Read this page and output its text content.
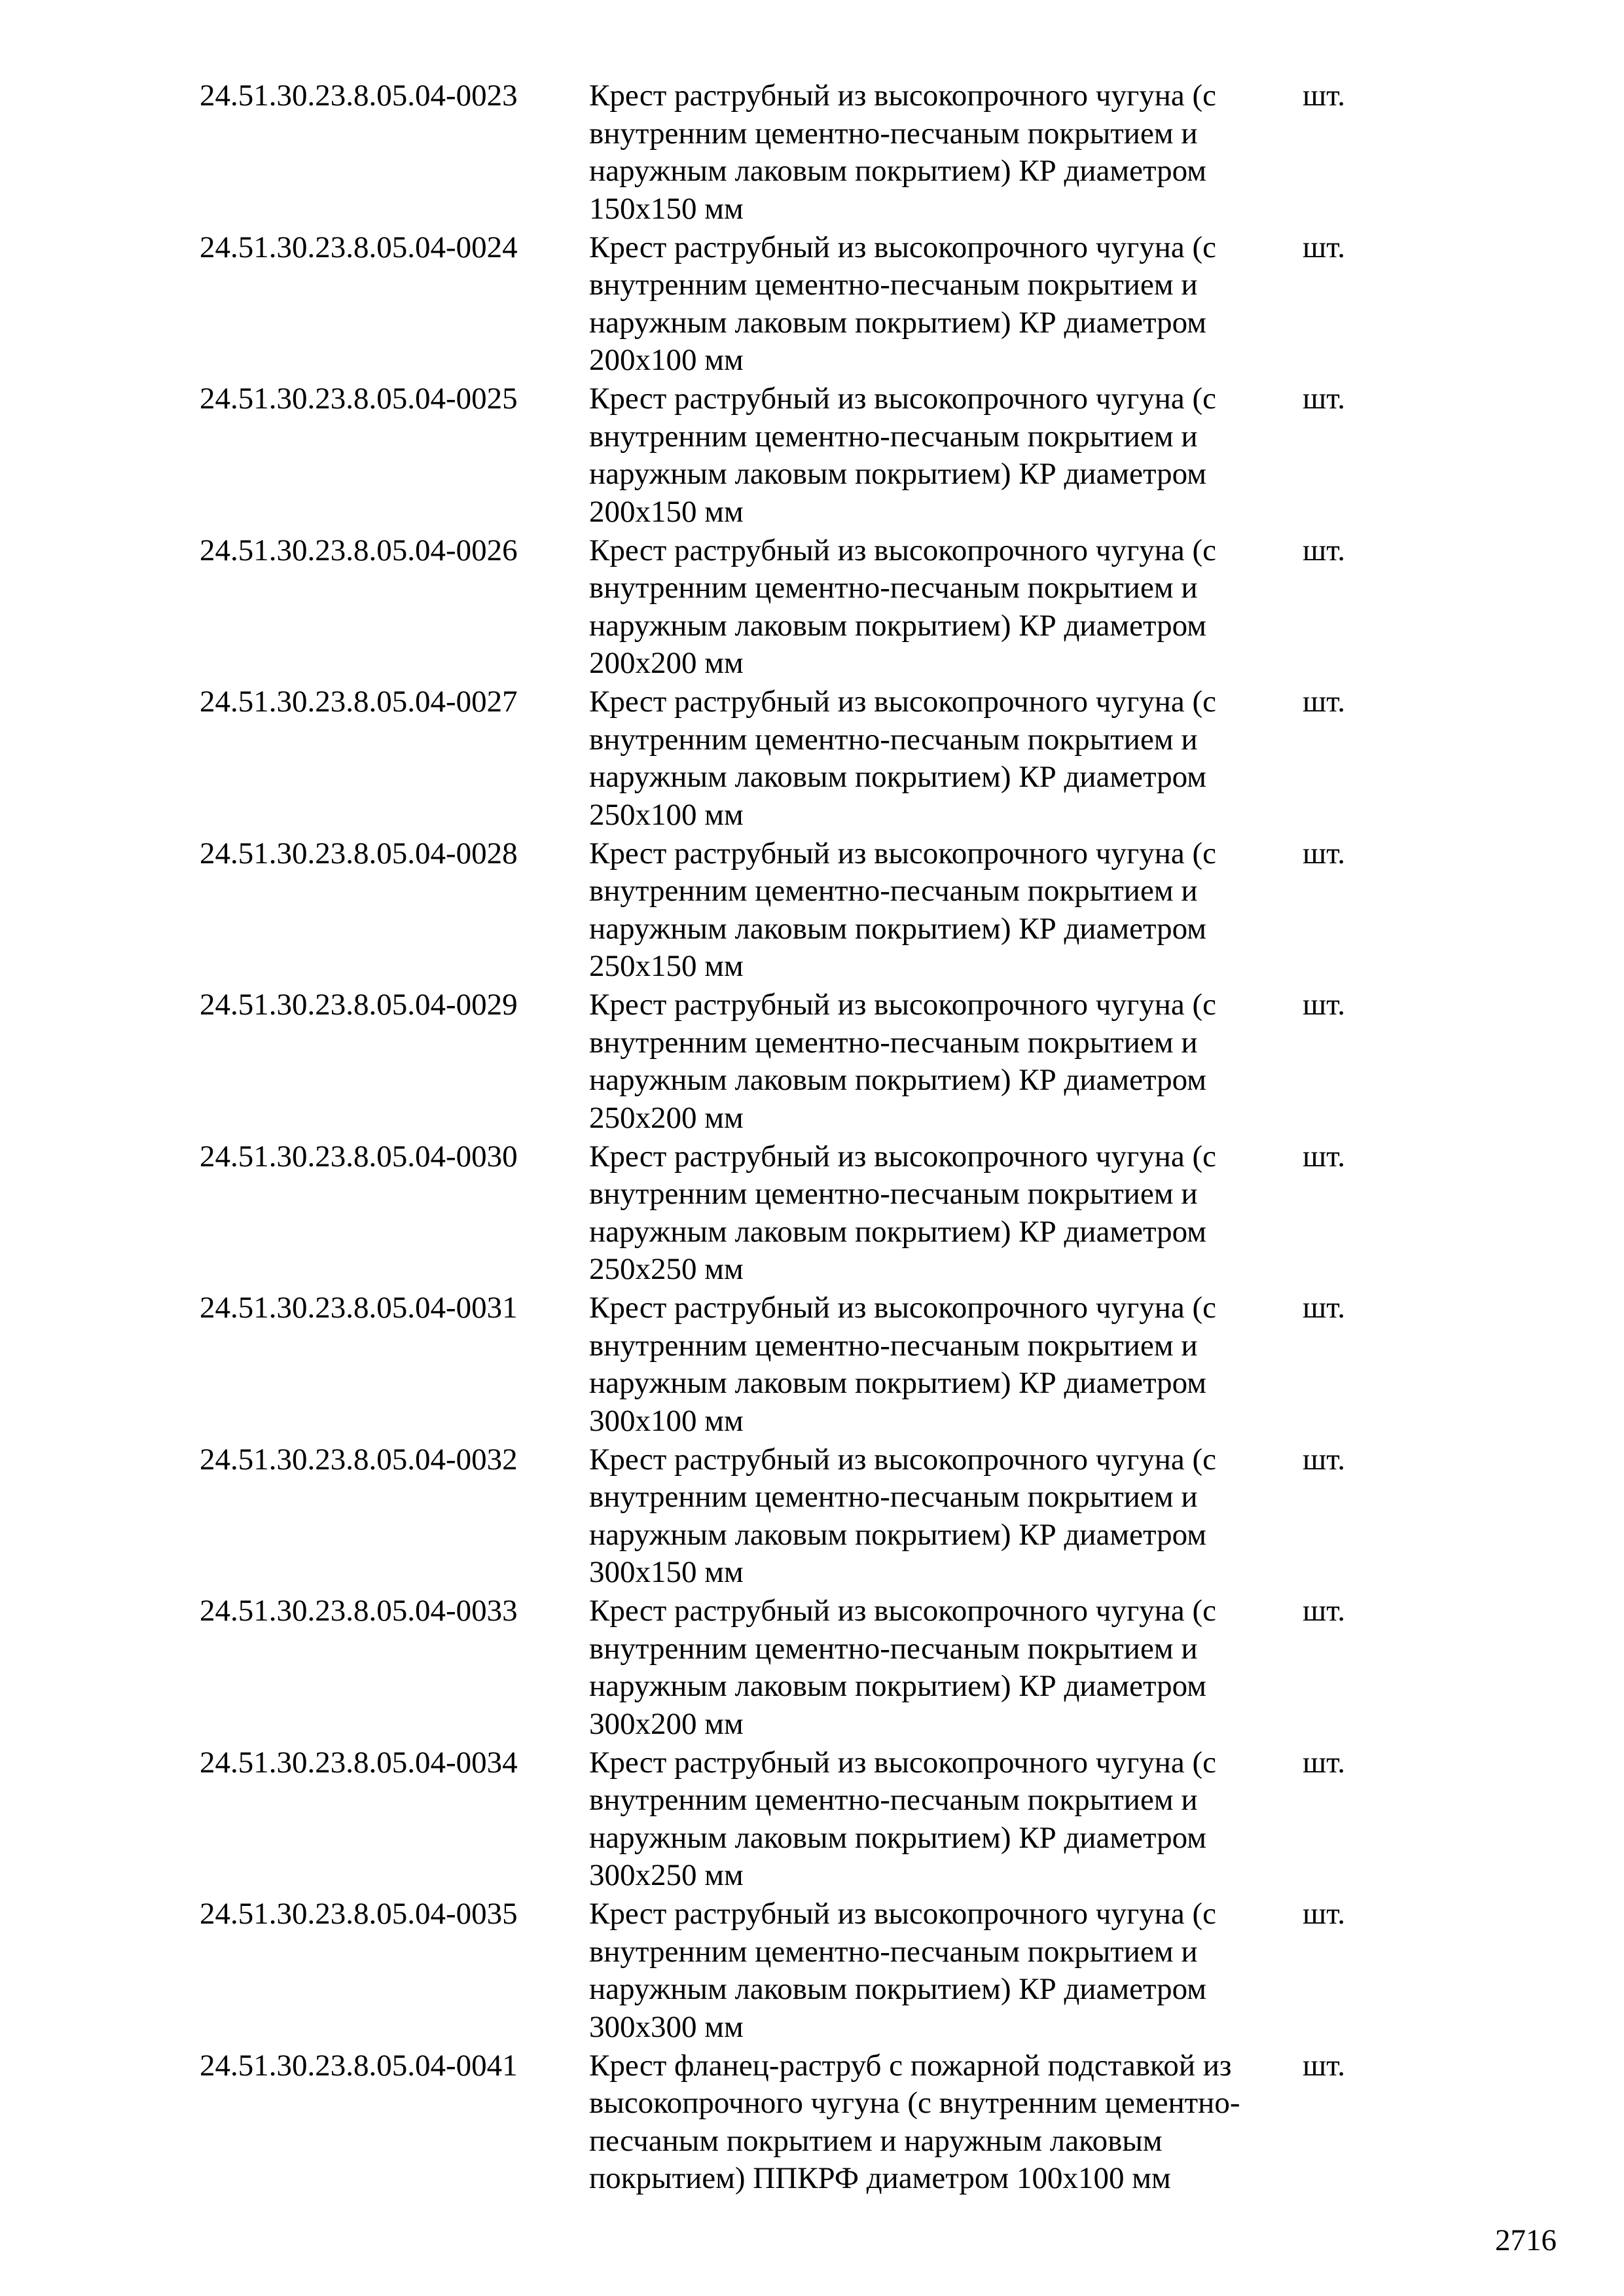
24.51.30.23.8.05.04-0023	Крест раструбный из высокопрочного чугуна (с
внутренним цементно-песчаным покрытием и
наружным лаковым покрытием) КР диаметром
150x150 мм
шт.
24.51.30.23.8.05.04-0024	Крест раструбный из высокопрочного чугуна (с
внутренним цементно-песчаным покрытием и
наружным лаковым покрытием) КР диаметром
200x100 мм
шт.
24.51.30.23.8.05.04-0025	Крест раструбный из высокопрочного чугуна (с
внутренним цементно-песчаным покрытием и
наружным лаковым покрытием) КР диаметром
200x150 мм
шт.
24.51.30.23.8.05.04-0026	Крест раструбный из высокопрочного чугуна (с
внутренним цементно-песчаным покрытием и
наружным лаковым покрытием) КР диаметром
200x200 мм
шт.
24.51.30.23.8.05.04-0027	Крест раструбный из высокопрочного чугуна (с
внутренним цементно-песчаным покрытием и
наружным лаковым покрытием) КР диаметром
250x100 мм
шт.
24.51.30.23.8.05.04-0028	Крест раструбный из высокопрочного чугуна (с
внутренним цементно-песчаным покрытием и
наружным лаковым покрытием) КР диаметром
250x150 мм
шт.
24.51.30.23.8.05.04-0029	Крест раструбный из высокопрочного чугуна (с
внутренним цементно-песчаным покрытием и
наружным лаковым покрытием) КР диаметром
250x200 мм
шт.
24.51.30.23.8.05.04-0030	Крест раструбный из высокопрочного чугуна (с
внутренним цементно-песчаным покрытием и
наружным лаковым покрытием) КР диаметром
250x250 мм
шт.
24.51.30.23.8.05.04-0031	Крест раструбный из высокопрочного чугуна (с
внутренним цементно-песчаным покрытием и
наружным лаковым покрытием) КР диаметром
300x100 мм
шт.
24.51.30.23.8.05.04-0032	Крест раструбный из высокопрочного чугуна (с
внутренним цементно-песчаным покрытием и
наружным лаковым покрытием) КР диаметром
300x150 мм
шт.
24.51.30.23.8.05.04-0033	Крест раструбный из высокопрочного чугуна (с
внутренним цементно-песчаным покрытием и
наружным лаковым покрытием) КР диаметром
300x200 мм
шт.
24.51.30.23.8.05.04-0034	Крест раструбный из высокопрочного чугуна (с
внутренним цементно-песчаным покрытием и
наружным лаковым покрытием) КР диаметром
300x250 мм
шт.
24.51.30.23.8.05.04-0035	Крест раструбный из высокопрочного чугуна (с
внутренним цементно-песчаным покрытием и
наружным лаковым покрытием) КР диаметром
300x300 мм
шт.
24.51.30.23.8.05.04-0041	Крест фланец-раструб с пожарной подставкой из
высокопрочного чугуна (с внутренним цементно-
песчаным покрытием и наружным лаковым
покрытием) ППКРФ диаметром 100x100 мм
шт.
2716
